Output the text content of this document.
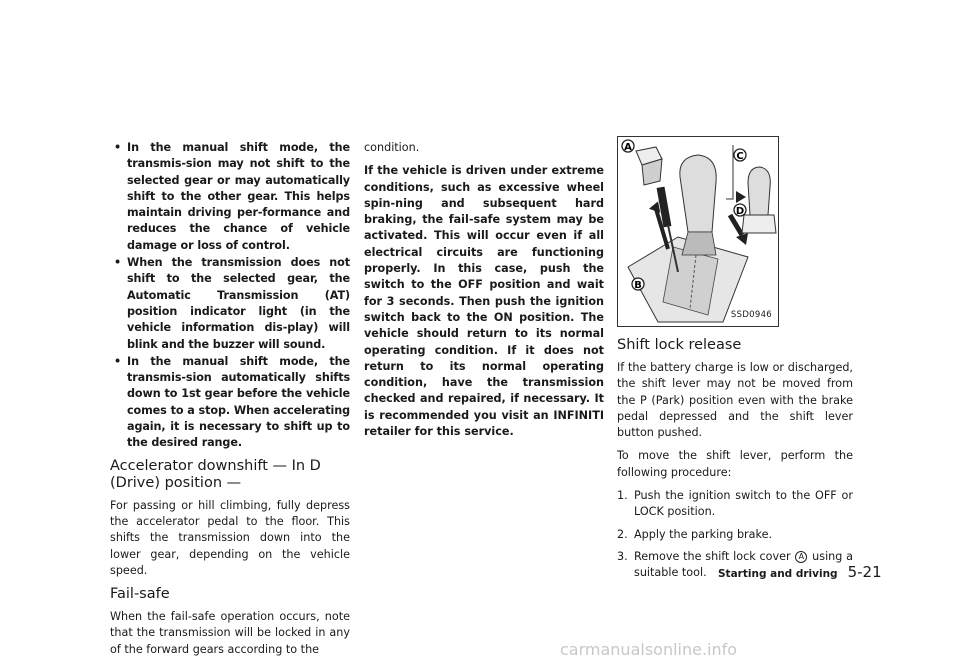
• In the manual shift mode, the transmis-sion may not shift to the selected gear or may automatically shift to the other gear. This helps maintain driving per-formance and reduces the chance of vehicle damage or loss of control.
• When the transmission does not shift to the selected gear, the Automatic Transmission (AT) position indicator light (in the vehicle information dis-play) will blink and the buzzer will sound.
• In the manual shift mode, the transmis-sion automatically shifts down to 1st gear before the vehicle comes to a stop. When accelerating again, it is necessary to shift up to the desired range.
Accelerator downshift — In D (Drive) position —

For passing or hill climbing, fully depress the accelerator pedal to the floor. This shifts the transmission down into the lower gear, depending on the vehicle speed.

Fail-safe

When the fail-safe operation occurs, note that the transmission will be locked in any of the forward gears according to the

condition.

If the vehicle is driven under extreme conditions, such as excessive wheel spin-ning and subsequent hard braking, the fail-safe system may be activated. This will occur even if all electrical circuits are functioning properly. In this case, push the switch to the OFF position and wait for 3 seconds. Then push the ignition switch back to the ON position. The vehicle should return to its normal operating condition. If it does not return to its normal operating condition, have the transmission checked and repaired, if necessary. It is recommended you visit an INFINITI retailer for this service.

A
B
C
D
SSD0946
Shift lock release

If the battery charge is low or discharged, the shift lever may not be moved from the P (Park) position even with the brake pedal depressed and the shift lever button pushed.

To move the shift lever, perform the following procedure:

1. Push the ignition switch to the OFF or LOCK position.
2. Apply the parking brake.
3. Remove the shift lock cover A using a suitable tool.	Starting and driving 5-21
carmanualsonline.info
